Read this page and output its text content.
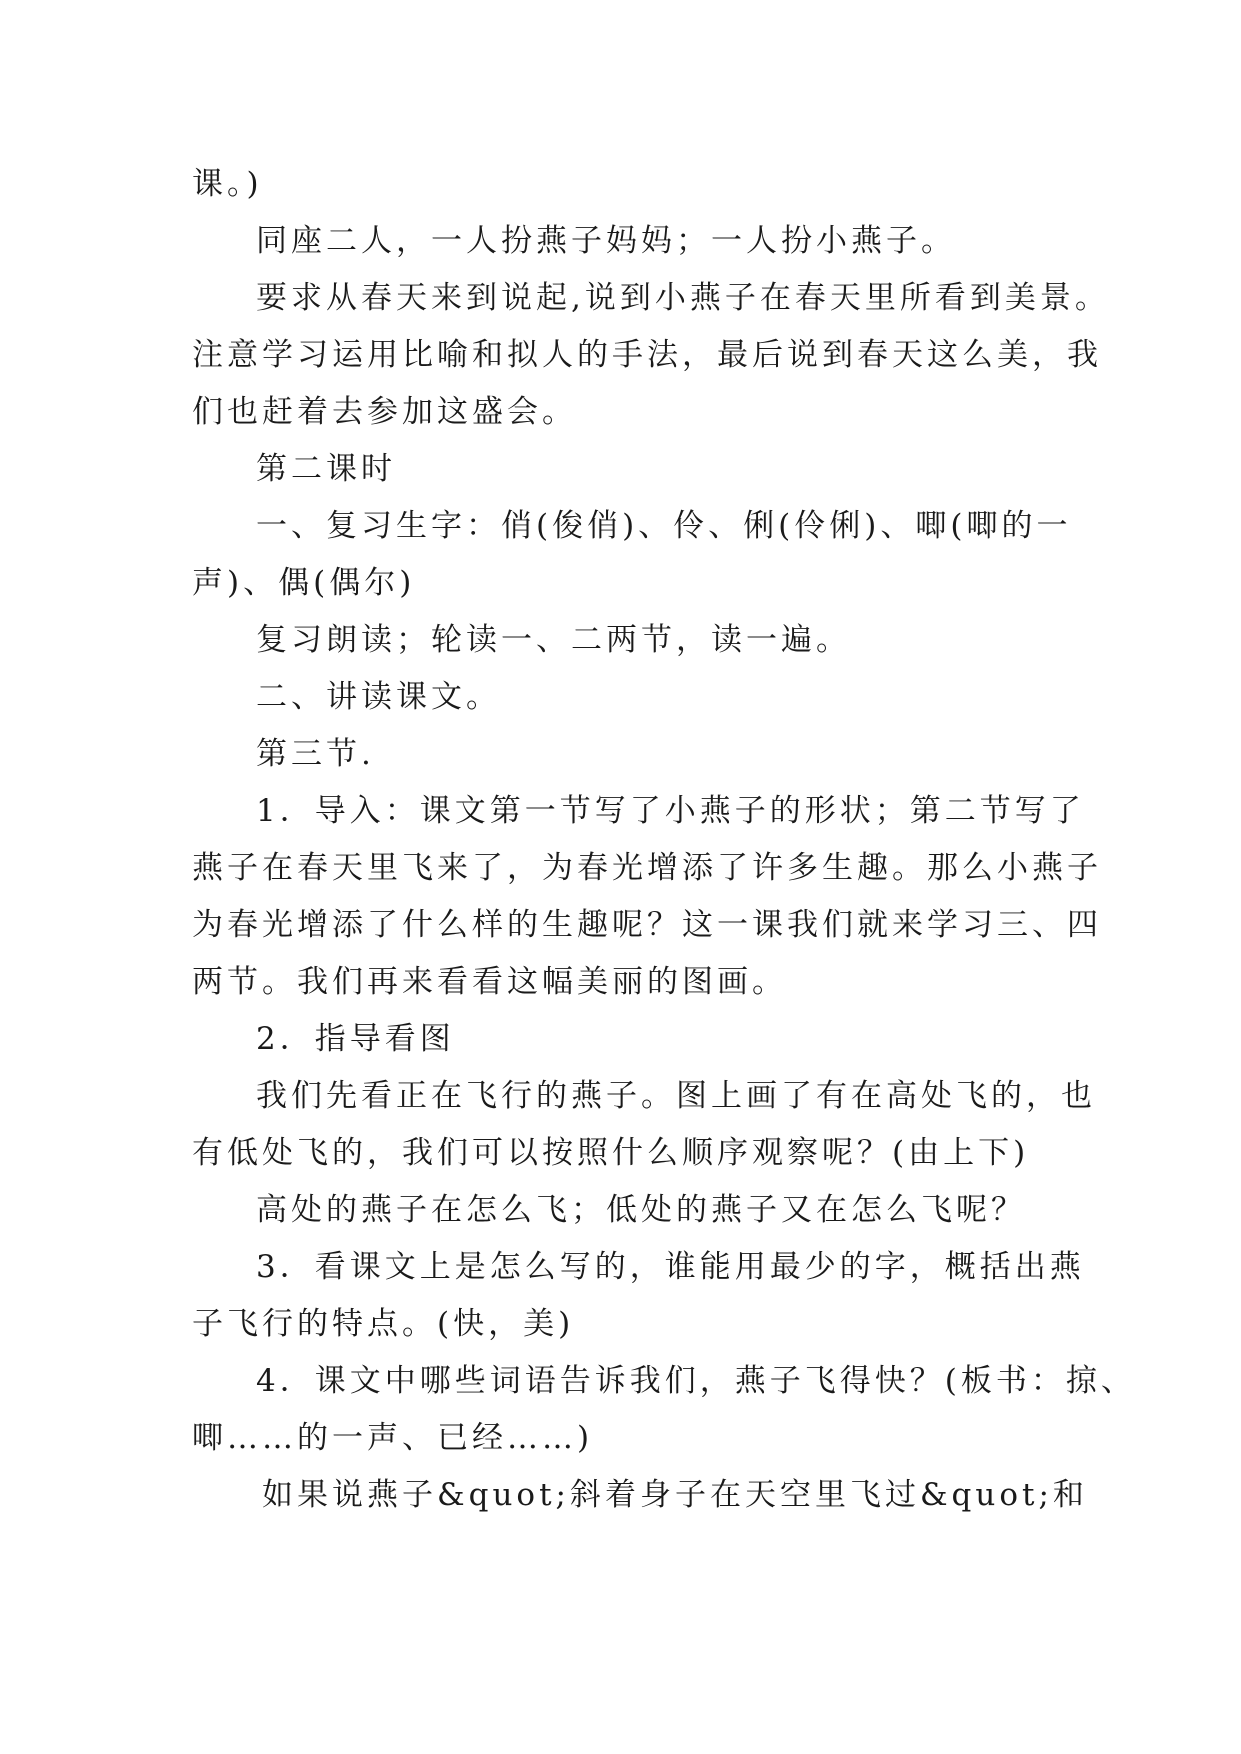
课。)
同座二人，一人扮燕子妈妈；一人扮小燕子。
要求从春天来到说起,说到小燕子在春天里所看到美景。
注意学习运用比喻和拟人的手法，最后说到春天这么美，我
们也赶着去参加这盛会。
第二课时
一、复习生字：俏(俊俏)、伶、俐(伶俐)、唧(唧的一
声)、偶(偶尔)
复习朗读；轮读一、二两节，读一遍。
二、讲读课文。
第三节.
1．导入：课文第一节写了小燕子的形状；第二节写了
燕子在春天里飞来了，为春光增添了许多生趣。那么小燕子
为春光增添了什么样的生趣呢？这一课我们就来学习三、四
两节。我们再来看看这幅美丽的图画。
2．指导看图
我们先看正在飞行的燕子。图上画了有在高处飞的，也
有低处飞的，我们可以按照什么顺序观察呢？(由上下)
高处的燕子在怎么飞；低处的燕子又在怎么飞呢？
3．看课文上是怎么写的，谁能用最少的字，概括出燕
子飞行的特点。(快，美)
4．课文中哪些词语告诉我们，燕子飞得快？(板书：掠、
唧……的一声、已经……)
如果说燕子&quot;斜着身子在天空里飞过&quot;和
